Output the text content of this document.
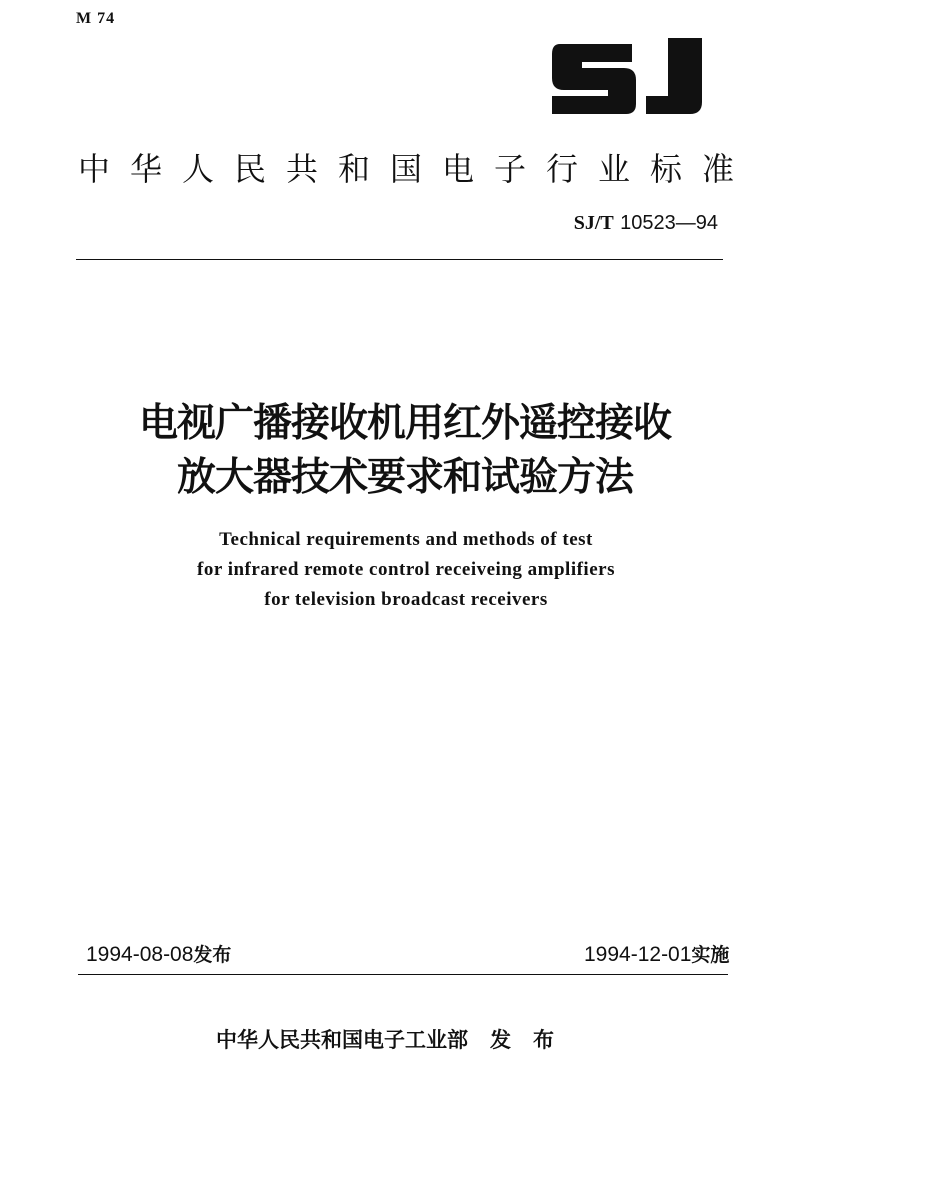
M 74
中华人民共和国电子行业标准
SJ/T 10523—94
电视广播接收机用红外遥控接收
放大器技术要求和试验方法
Technical requirements and methods of test
for infrared remote control receiveing amplifiers
for television broadcast receivers
1994-08-08发布	1994-12-01实施
中华人民共和国电子工业部 发布
